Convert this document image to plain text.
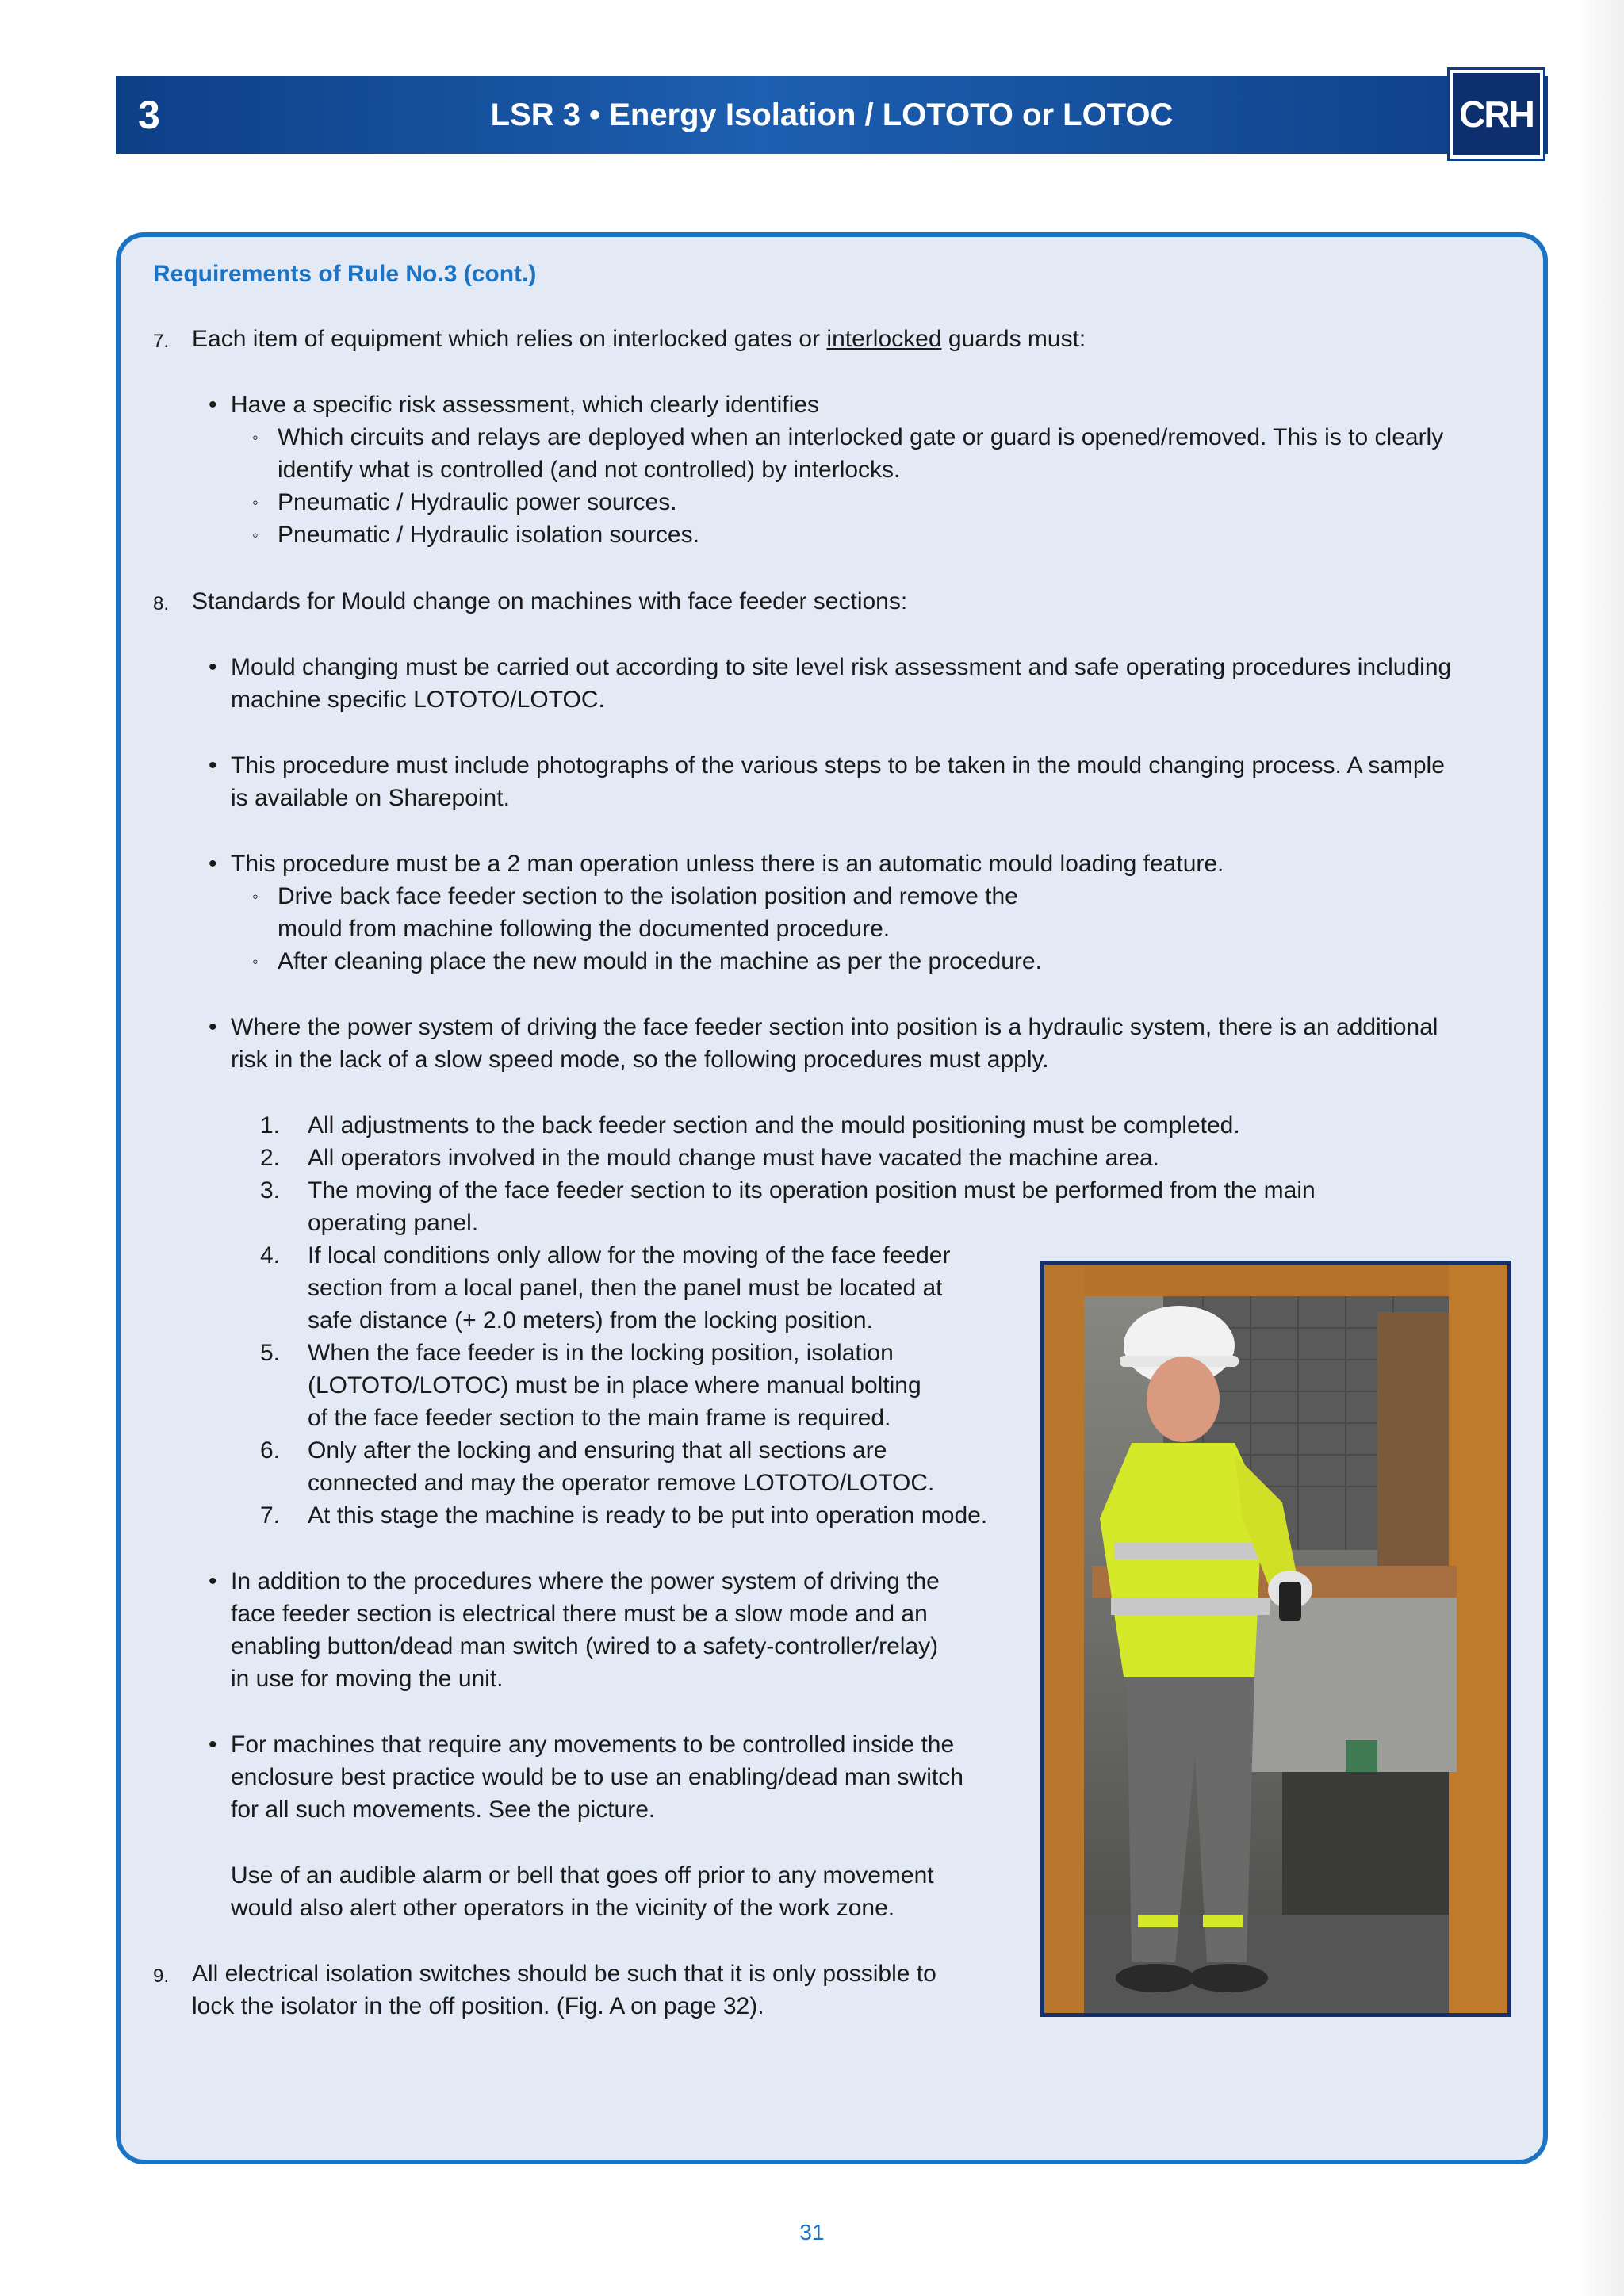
3	LSR 3 • Energy Isolation / LOTOTO or LOTOC	CRH
Requirements of Rule No.3 (cont.)
7. Each item of equipment which relies on interlocked gates or interlocked guards must:
• Have a specific risk assessment, which clearly identifies
◦ Which circuits and relays are deployed when an interlocked gate or guard is opened/removed. This is to clearly
identify what is controlled (and not controlled) by interlocks.
◦ Pneumatic / Hydraulic power sources.
◦ Pneumatic / Hydraulic isolation sources.
8. Standards for Mould change on machines with face feeder sections:
• Mould changing must be carried out according to site level risk assessment and safe operating procedures including
machine specific LOTOTO/LOTOC.
• This procedure must include photographs of the various steps to be taken in the mould changing process. A sample
is available on Sharepoint.
• This procedure must be a 2 man operation unless there is an automatic mould loading feature.
◦ Drive back face feeder section to the isolation position and remove the
mould from machine following the documented procedure.
◦ After cleaning place the new mould in the machine as per the procedure.
• Where the power system of driving the face feeder section into position is a hydraulic system, there is an additional
risk in the lack of a slow speed mode, so the following procedures must apply.
1. All adjustments to the back feeder section and the mould positioning must be completed.
2. All operators involved in the mould change must have vacated the machine area.
3. The moving of the face feeder section to its operation position must be performed from the main
operating panel.
4. If local conditions only allow for the moving of the face feeder
section from a local panel, then the panel must be located at
safe distance (+ 2.0 meters) from the locking position.
5. When the face feeder is in the locking position, isolation
(LOTOTO/LOTOC) must be in place where manual bolting
of the face feeder section to the main frame is required.
6. Only after the locking and ensuring that all sections are
connected and may the operator remove LOTOTO/LOTOC.
7. At this stage the machine is ready to be put into operation mode.
• In addition to the procedures where the power system of driving the
face feeder section is electrical there must be a slow mode and an
enabling button/dead man switch (wired to a safety-controller/relay)
in use for moving the unit.
• For machines that require any movements to be controlled inside the
enclosure best practice would be to use an enabling/dead man switch
for all such movements. See the picture.
Use of an audible alarm or bell that goes off prior to any movement
would also alert other operators in the vicinity of the work zone.
9. All electrical isolation switches should be such that it is only possible to
lock the isolator in the off position. (Fig. A on page 32).
31
